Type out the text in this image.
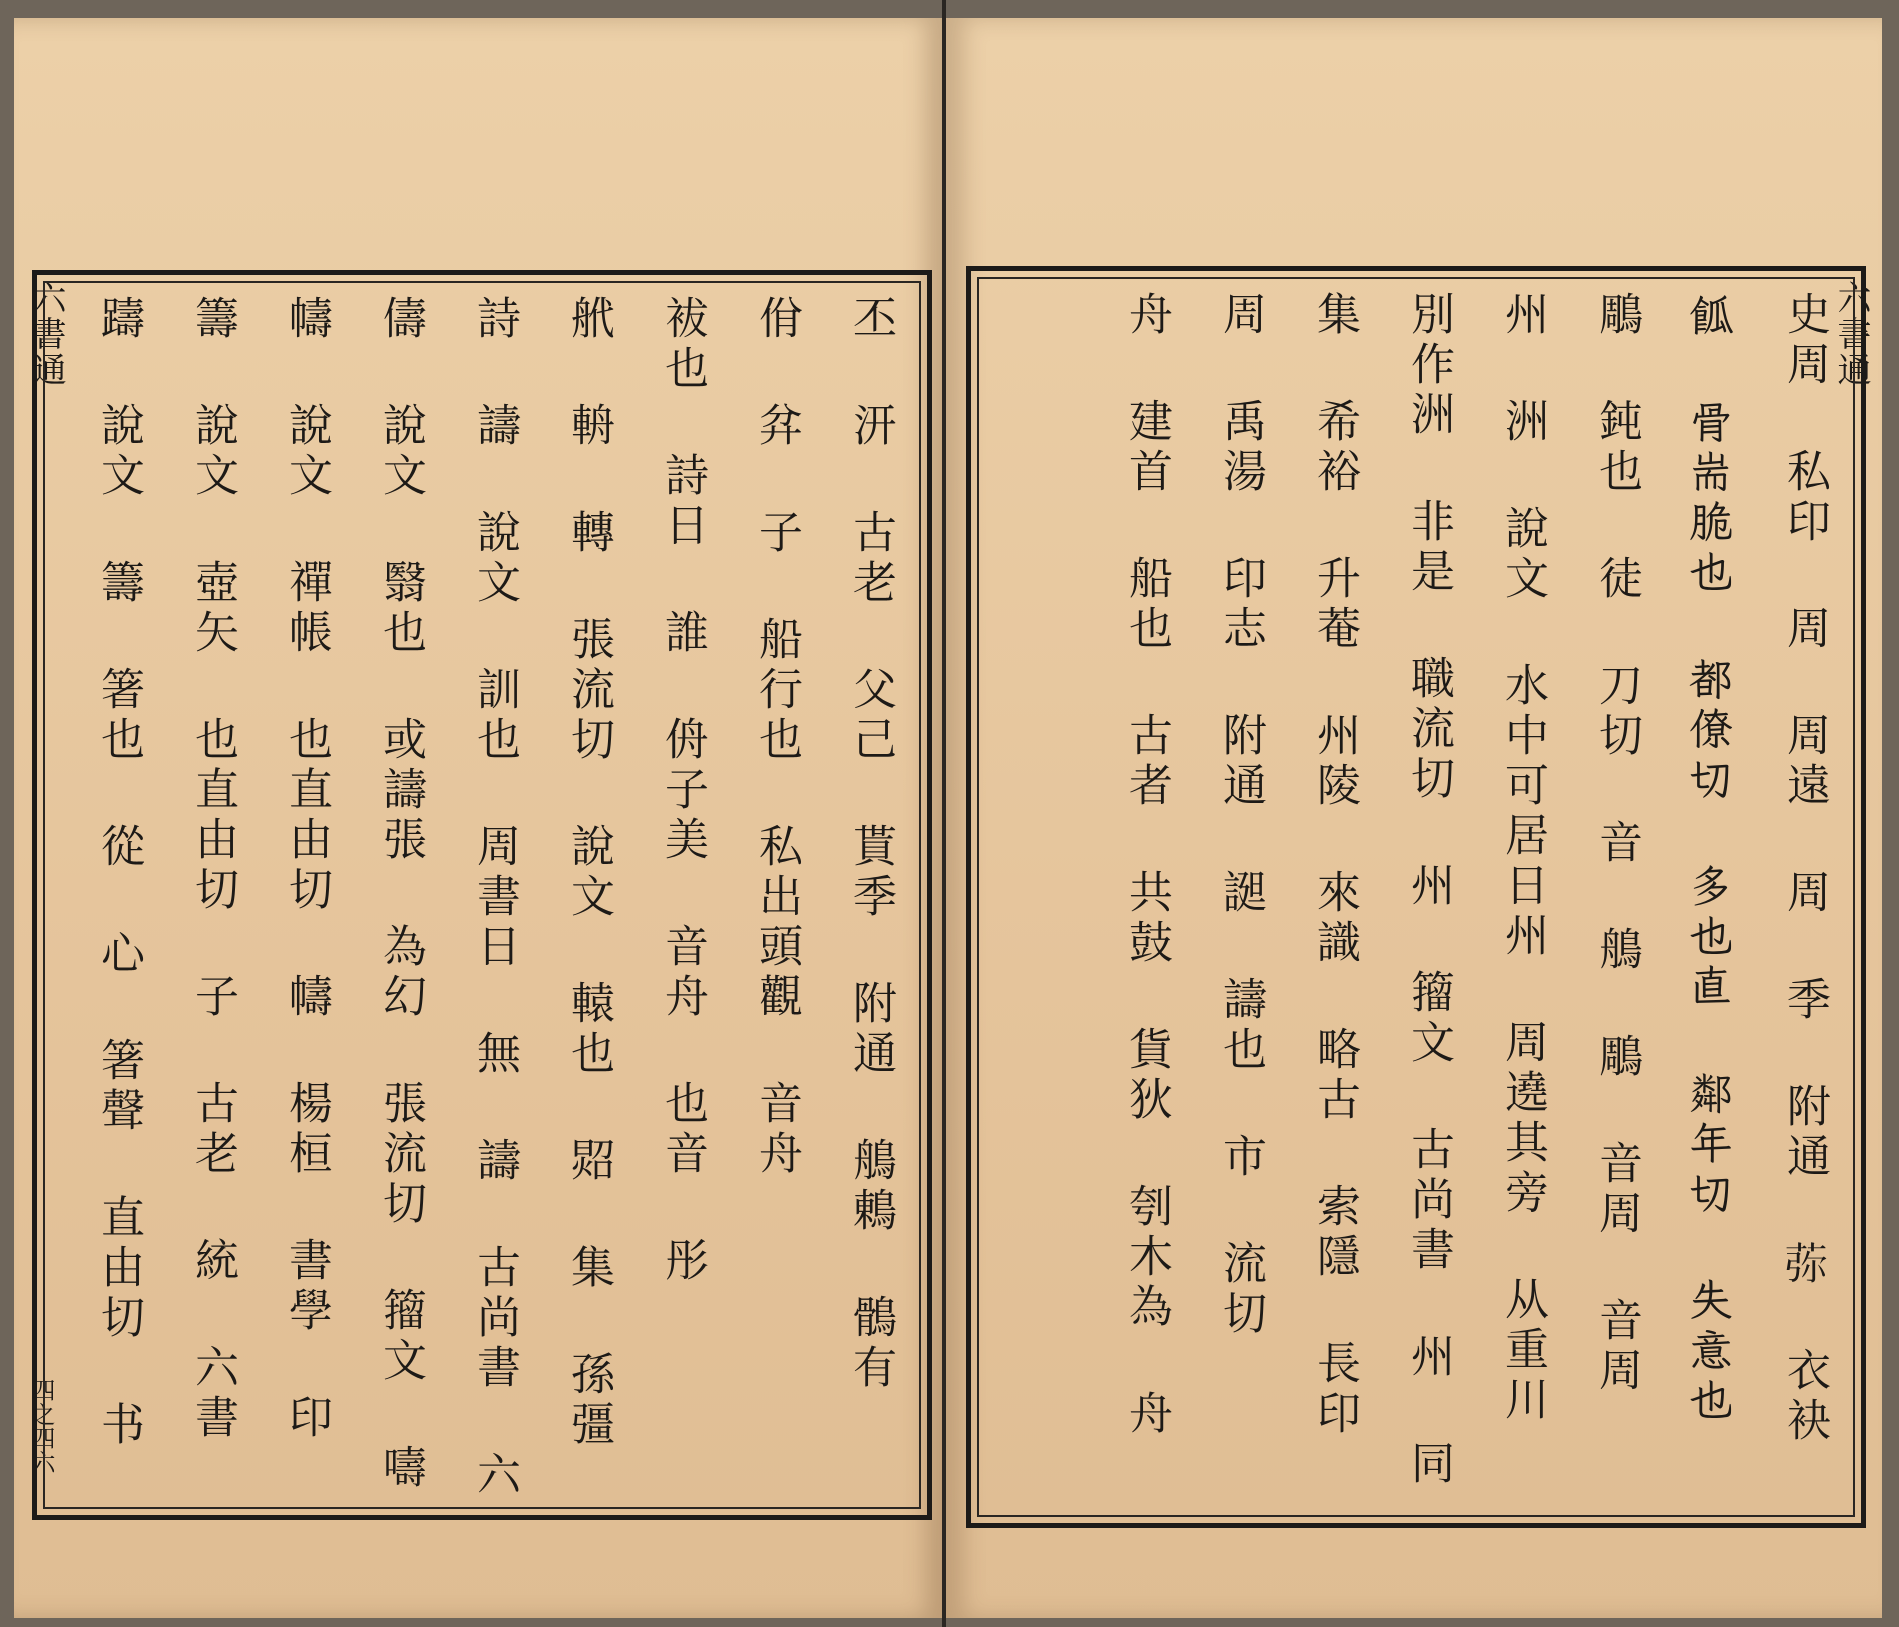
六書通
四之四六
丕 汧 古老 父己 貰季 附通 鵃鶇 鶻有
佾 弅 子 船行也 私出頭觀 音舟
袚也 詩日 誰 侜子美 音舟 也音 彤
𦨮 輈 轉 張流切 說文 轅也 㷖 集 孫彊
詩 譸 說文 訓也 周書日 無 譸 古尚書 六
儔 說文 翳也 或譸張 為幻 張流切 籀文 嚋
幬 說文 禪帳 也直由切 幬 楊桓 書學 印
籌 說文 壺矢 也直由切 子 古老 統 六書
躊 說文 籌 箸也 從 心 箸聲 直由切 书
六書通
史周 私印 周 周遠 周 季 附通 𦰴 衣袂
𩛃 骨耑脆也 都僚切 多也直 鄰年切 失意也
鵰 鈍也 徒 刀切 音 鵃 鵰 音周 音周
州 洲 說文 水中可居日州 周遶其旁 从重川
別作洲 非是 職流切 州 籀文 古尚書 州 同
集 希裕 升菴 州陵 來識 略古 索隱 長印
周 禹湯 印志 附通 𧩙 譸也 市 流切
舟 建首 船也 古者 共鼓 貨狄 刳木為 舟
